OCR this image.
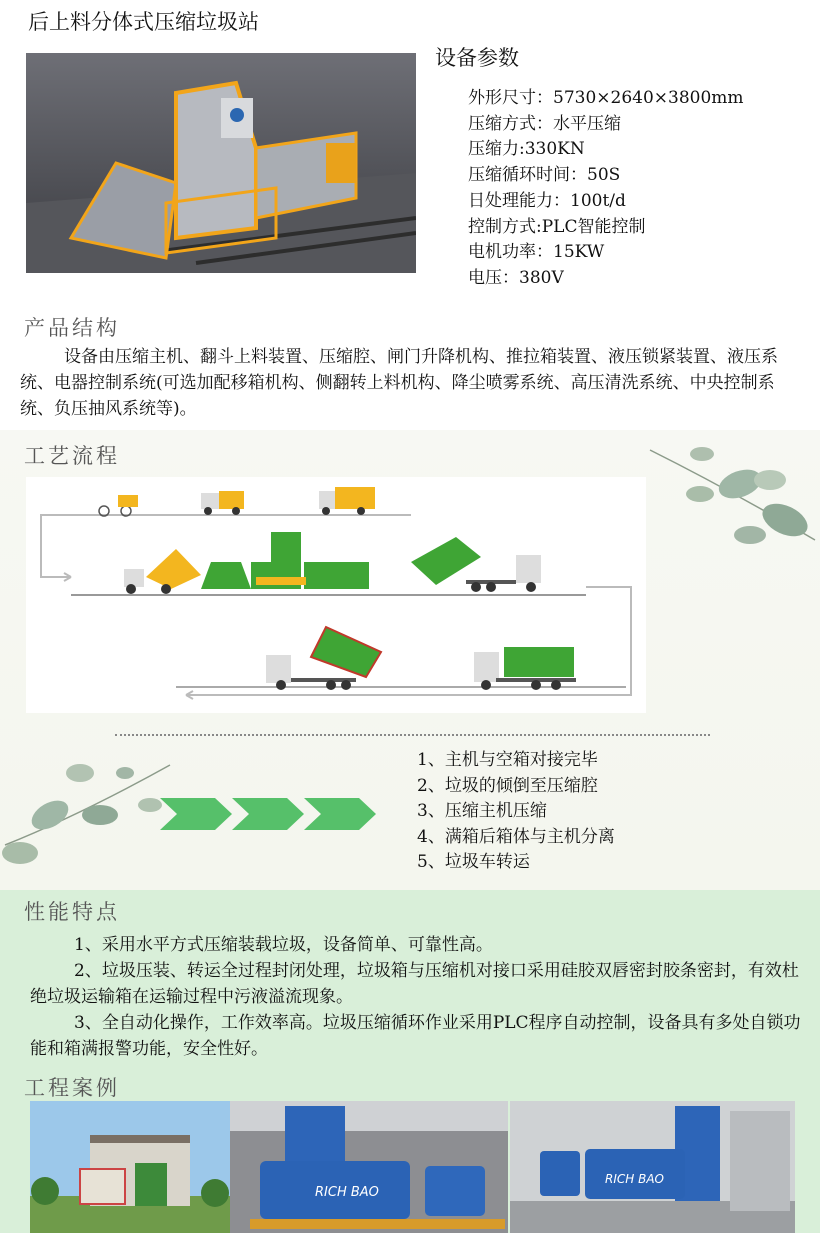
后上料分体式压缩垃圾站
设备参数
外形尺寸：5730×2640×3800mm
压缩方式：水平压缩
压缩力:330KN
压缩循环时间：50S
日处理能力：100t/d
控制方式:PLC智能控制
电机功率：15KW
电压：380V
产品结构
设备由压缩主机、翻斗上料装置、压缩腔、闸门升降机构、推拉箱装置、液压锁紧装置、液压系统、电器控制系统(可选加配移箱机构、侧翻转上料机构、降尘喷雾系统、高压清洗系统、中央控制系统、负压抽风系统等)。
工艺流程
1、主机与空箱对接完毕
2、垃圾的倾倒至压缩腔
3、压缩主机压缩
4、满箱后箱体与主机分离
5、垃圾车转运
性能特点
1、采用水平方式压缩装载垃圾，设备简单、可靠性高。
2、垃圾压装、转运全过程封闭处理，垃圾箱与压缩机对接口采用硅胶双唇密封胶条密封，有效杜绝垃圾运输箱在运输过程中污液溢流现象。
3、全自动化操作，工作效率高。垃圾压缩循环作业采用PLC程序自动控制，设备具有多处自锁功能和箱满报警功能，安全性好。
工程案例
RICH BAO
RICH BAO
